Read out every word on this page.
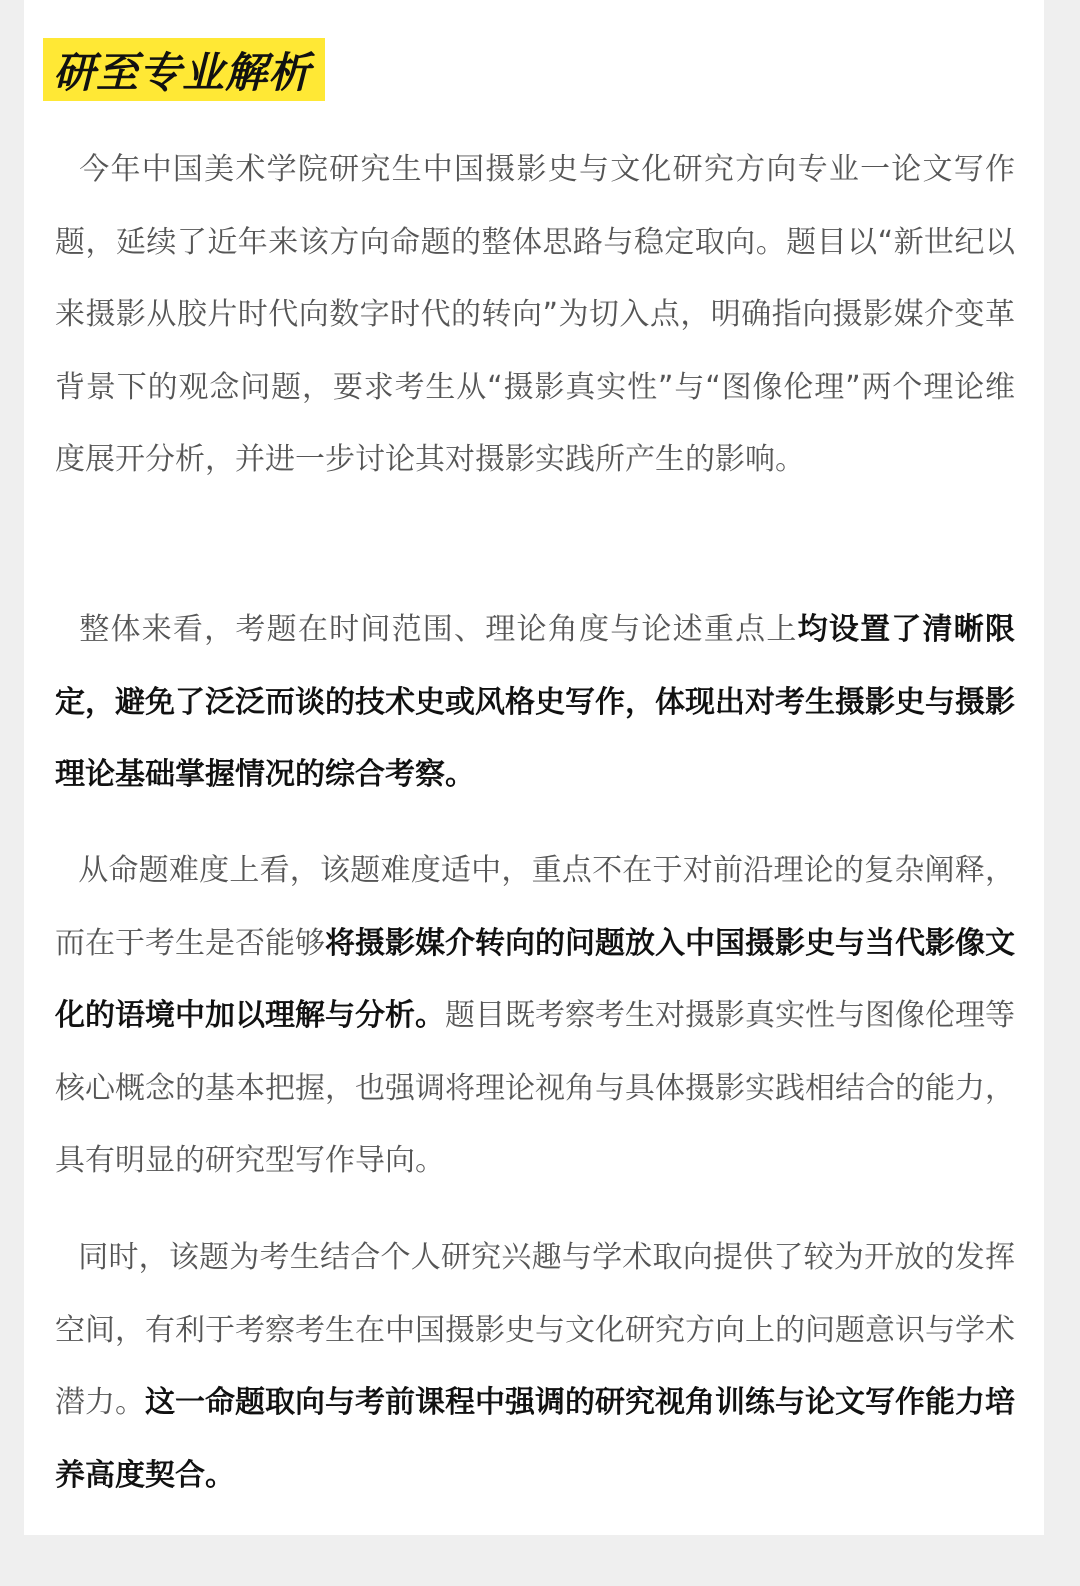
研至专业解析

今年中国美术学院研究生中国摄影史与文化研究方向专业一论文写作题，延续了近年来该方向命题的整体思路与稳定取向。题目以“新世纪以来摄影从胶片时代向数字时代的转向”为切入点，明确指向摄影媒介变革背景下的观念问题，要求考生从“摄影真实性”与“图像伦理”两个理论维度展开分析，并进一步讨论其对摄影实践所产生的影响。

整体来看，考题在时间范围、理论角度与论述重点上均设置了清晰限定，避免了泛泛而谈的技术史或风格史写作，体现出对考生摄影史与摄影理论基础掌握情况的综合考察。

从命题难度上看，该题难度适中，重点不在于对前沿理论的复杂阐释，而在于考生是否能够将摄影媒介转向的问题放入中国摄影史与当代影像文化的语境中加以理解与分析。题目既考察考生对摄影真实性与图像伦理等核心概念的基本把握，也强调将理论视角与具体摄影实践相结合的能力，具有明显的研究型写作导向。

同时，该题为考生结合个人研究兴趣与学术取向提供了较为开放的发挥空间，有利于考察考生在中国摄影史与文化研究方向上的问题意识与学术潜力。这一命题取向与考前课程中强调的研究视角训练与论文写作能力培养高度契合。
